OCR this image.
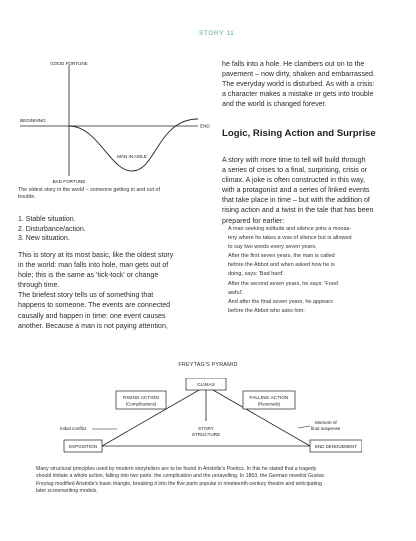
STORY 11
GOOD FORTUNE
BAD FORTUNE
BEGINNING
END
MAN IN HOLE
The oldest story in the world – someone getting in and out of
trouble.
1. Stable situation.
2. Disturbance/action.
3. New situation.
This is story at its most basic, like the oldest story
in the world: man falls into hole, man gets out of
hole; this is the same as 'tick-tock' or change
through time.
The briefest story tells us of something that
happens to someone. The events are connected
causally and happen in time: one event causes
another. Because a man is not paying attention,
he falls into a hole. He clambers out on to the
pavement – now dirty, shaken and embarrassed.
The everyday world is disturbed. As with a crisis:
a character makes a mistake or gets into trouble
and the world is changed forever.
Logic, Rising Action and Surprise
A story with more time to tell will build through
a series of crises to a final, surprising, crisis or
climax. A joke is often constructed in this way,
with a protagonist and a series of linked events
that take place in time – but with the addition of
rising action and a twist in the tale that has been
prepared for earlier:
A man seeking solitude and silence joins a monas-
tery where he takes a vow of silence but is allowed
to say two words every seven years.
After the first seven years, the man is called
before the Abbot and when asked how he is
doing, says: 'Bad hard'.
After the second seven years, he says: 'Food
awful'.
And after the final seven years, he appears
before the Abbot who asks him:
FREYTAG'S PYRAMID
CLIMAX
RISING ACTION
(Complications)
FALLING ACTION
(Reversals)
STORY
STRUCTURE
Initial conflict
Moment of
final suspense
EXPOSITION	END DENOUEMENT
Many structural principles used by modern storytellers are to be found in Aristotle's Poetics. In this he stated that a tragedy
should imitate a whole action, falling into two parts: the complication and the unravelling. In 1863, the German novelist Gustav
Freytag modified Aristotle's basic triangle, breaking it into the five parts popular in nineteenth-century theatre and anticipating
later screenwriting models.
